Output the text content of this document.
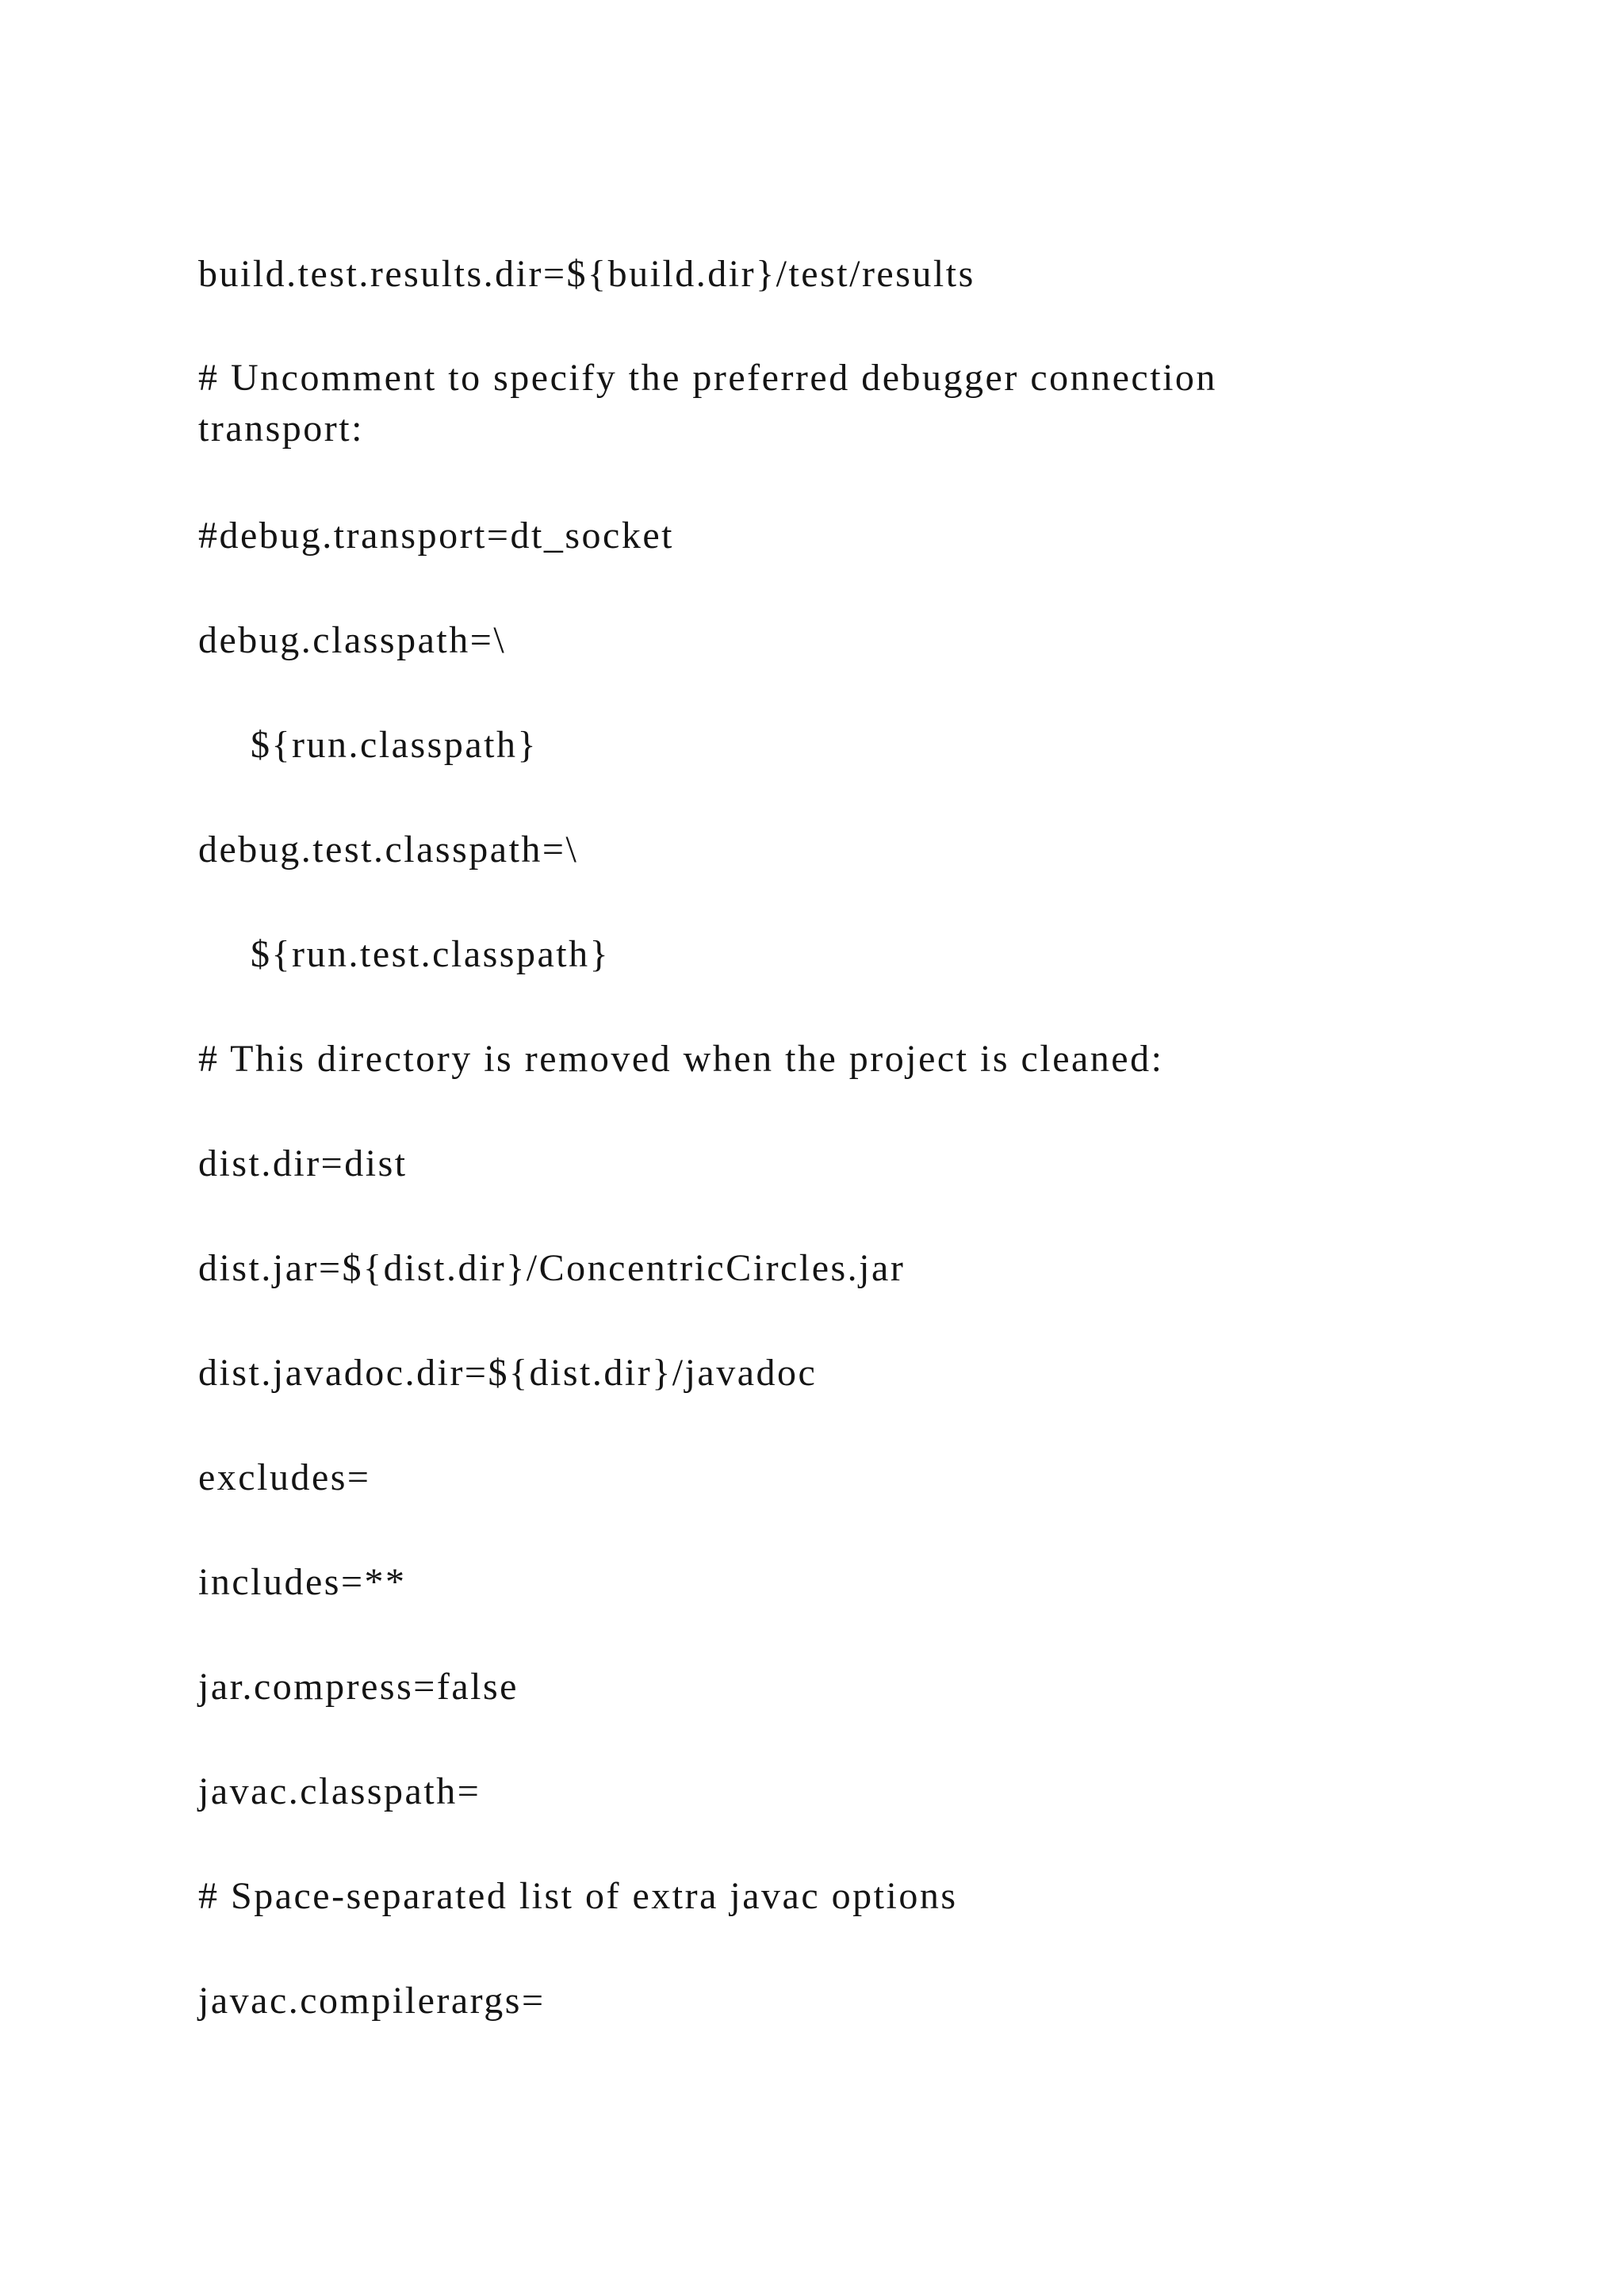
build.test.results.dir=${build.dir}/test/results
# Uncomment to specify the preferred debugger connection transport:
#debug.transport=dt_socket
debug.classpath=\
${run.classpath}
debug.test.classpath=\
${run.test.classpath}
# This directory is removed when the project is cleaned:
dist.dir=dist
dist.jar=${dist.dir}/ConcentricCircles.jar
dist.javadoc.dir=${dist.dir}/javadoc
excludes=
includes=**
jar.compress=false
javac.classpath=
# Space-separated list of extra javac options
javac.compilerargs=
